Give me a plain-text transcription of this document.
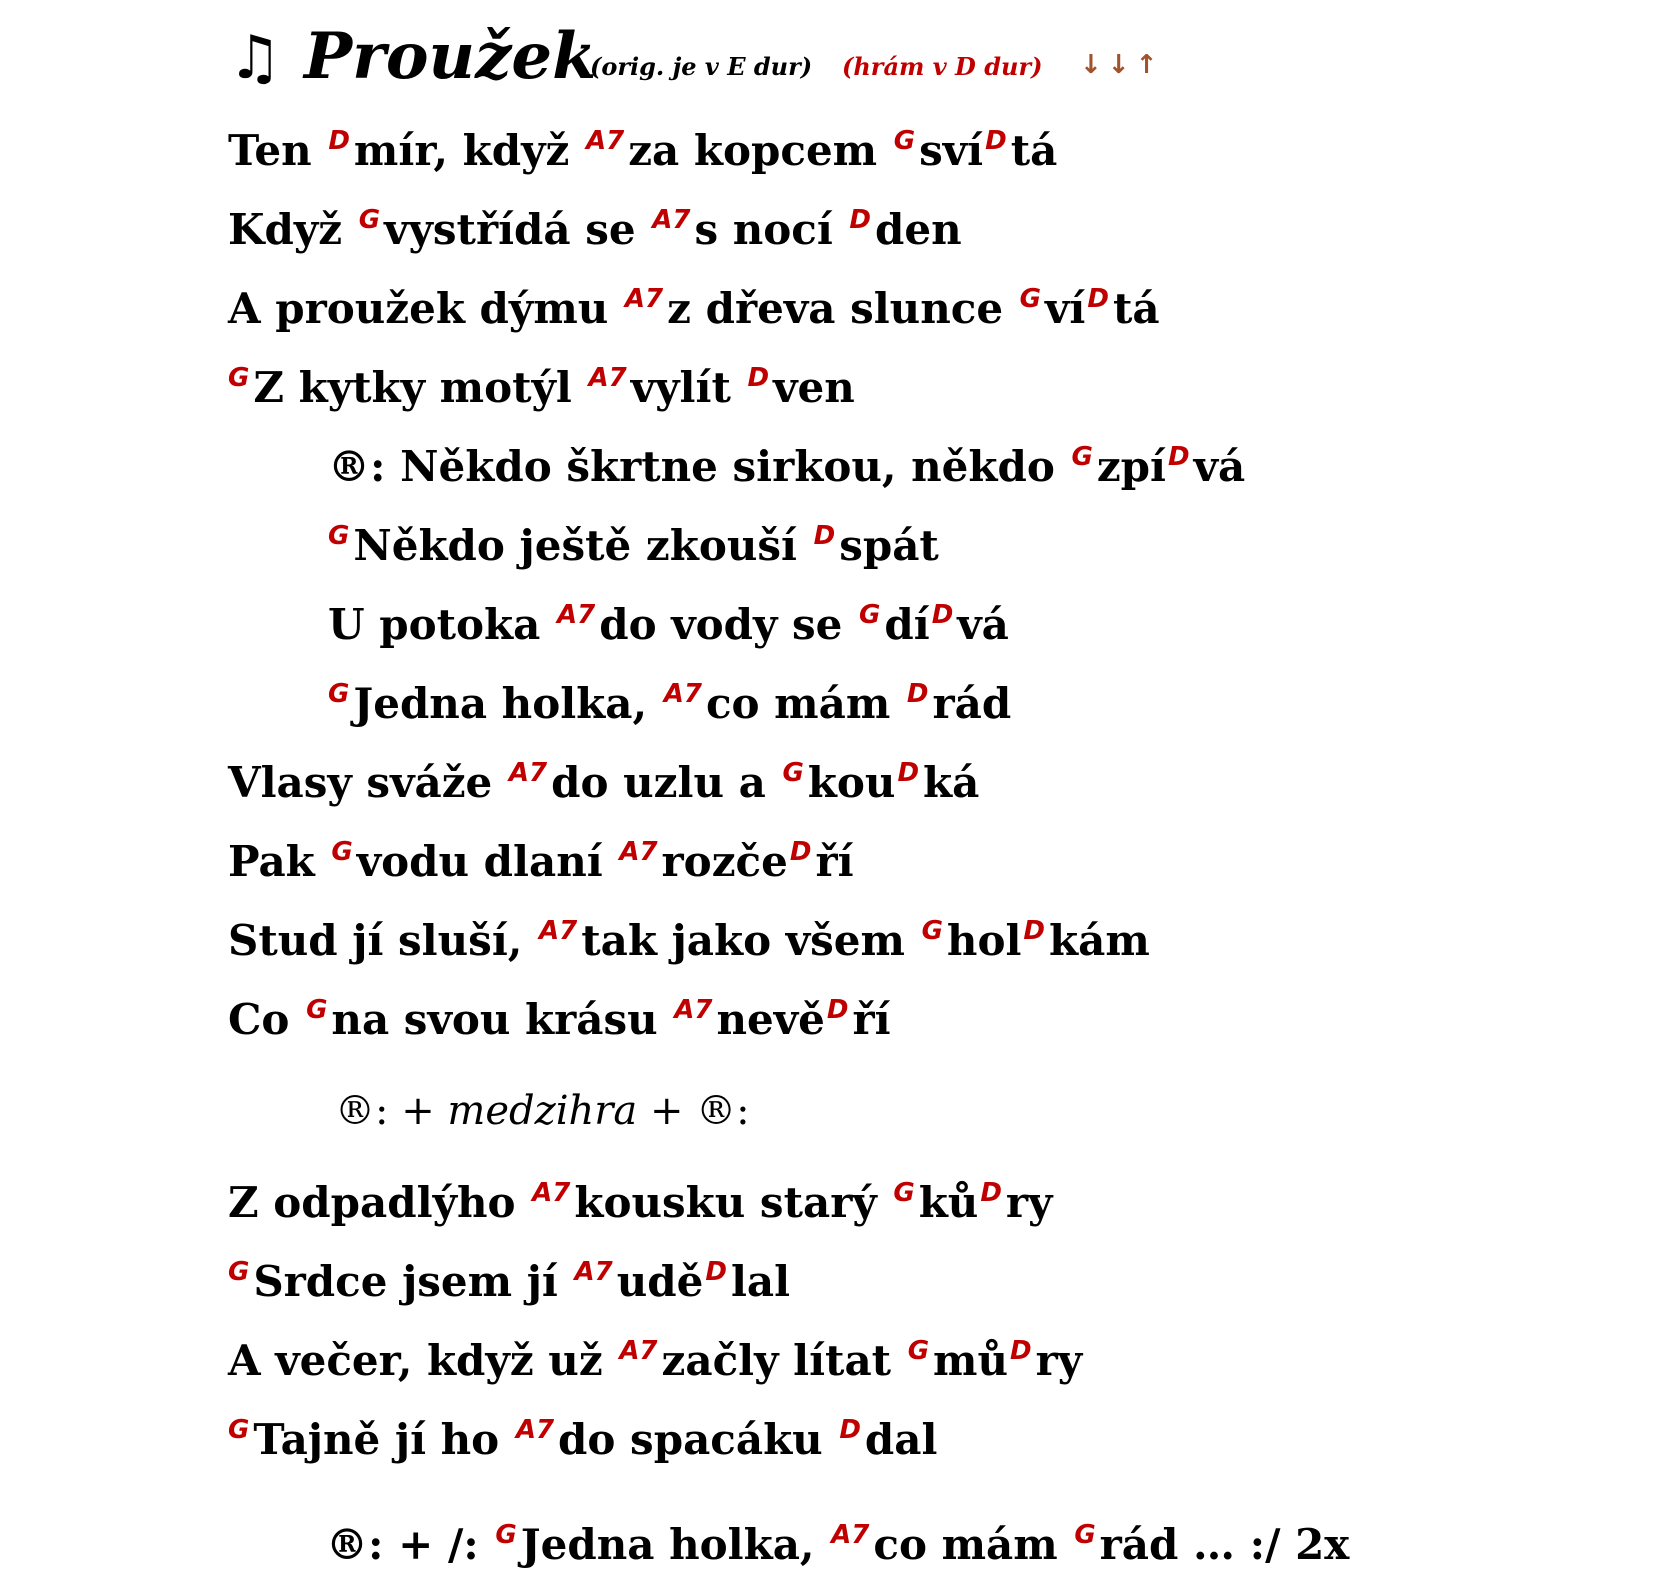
♫ Proužek
(orig. je v E dur) (hrám v D dur) ↓↓↑
Ten $^D$mír, když $^{A7}$za kopcem $^G$sví$^D$tá
Když $^G$vystřídá se $^{A7}$s nocí $^D$den
A proužek dýmu $^{A7}$z dřeva slunce $^Gví^Dtá$
$^G$Z kytky motýl $^{A7}$vylít $^D$ven
®: Někdo škrtne sirkou, někdo $^G$zpí$^D$vá
$^G$Někdo ještě zkouší $^D$spát
U potoka $^{A7}$do vody se $^Gdí^Dvá$
$^G$Jedna holka, $^{A7}$co mám $^D$rád
Vlasy sváže $^{A7}$do uzlu a $^G$kou$^D$ká
Pak $^G$vodu dlaní $^{A7}$rozče$^D$ří
Stud jí sluší, $^{A7}$tak jako všem $^G$hol$^D$kám
Co $^G$na svou krásu $^{A7}$nevě$^D$ří
®: + medzihra + ®:
Z odpadlýho $^{A7}$kousku starý $^Gků^Dry$
$^G$Srdce jsem jí $^{A7}$udě$^D$lal
A večer, když už $^{A7}$začly lítat $^Gmů^Dry$
$^G$Tajně jí ho $^{A7}$do spacáku $^D$dal
®: + /: $^G$Jedna holka, $^{A7}$co mám $^G$rád … :/ 2x
